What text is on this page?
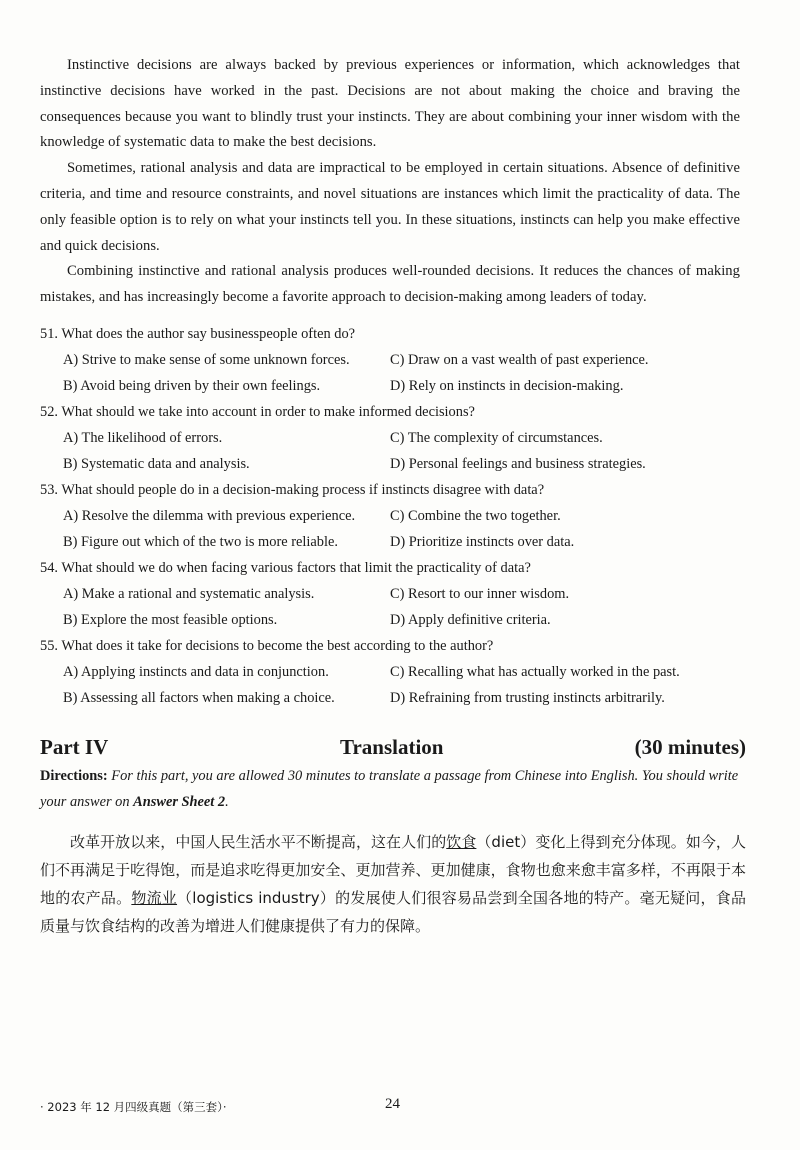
Instinctive decisions are always backed by previous experiences or information, which acknowledges that instinctive decisions have worked in the past. Decisions are not about making the choice and braving the consequences because you want to blindly trust your instincts. They are about combining your inner wisdom with the knowledge of systematic data to make the best decisions.

Sometimes, rational analysis and data are impractical to be employed in certain situations. Absence of definitive criteria, and time and resource constraints, and novel situations are instances which limit the practicality of data. The only feasible option is to rely on what your instincts tell you. In these situations, instincts can help you make effective and quick decisions.

Combining instinctive and rational analysis produces well-rounded decisions. It reduces the chances of making mistakes, and has increasingly become a favorite approach to decision-making among leaders of today.

51. What does the author say businesspeople often do?
A) Strive to make sense of some unknown forces.	C) Draw on a vast wealth of past experience.
B) Avoid being driven by their own feelings.	D) Rely on instincts in decision-making.
52. What should we take into account in order to make informed decisions?
A) The likelihood of errors.	C) The complexity of circumstances.
B) Systematic data and analysis.	D) Personal feelings and business strategies.
53. What should people do in a decision-making process if instincts disagree with data?
A) Resolve the dilemma with previous experience.	C) Combine the two together.
B) Figure out which of the two is more reliable.	D) Prioritize instincts over data.
54. What should we do when facing various factors that limit the practicality of data?
A) Make a rational and systematic analysis.	C) Resort to our inner wisdom.
B) Explore the most feasible options.	D) Apply definitive criteria.
55. What does it take for decisions to become the best according to the author?
A) Applying instincts and data in conjunction.	C) Recalling what has actually worked in the past.
B) Assessing all factors when making a choice.	D) Refraining from trusting instincts arbitrarily.
Part IV	Translation	(30 minutes)
Directions: For this part, you are allowed 30 minutes to translate a passage from Chinese into English. You should write your answer on Answer Sheet 2.

改革开放以来，中国人民生活水平不断提高，这在人们的饮食（diet）变化上得到充分体现。如今，人们不再满足于吃得饱，而是追求吃得更加安全、更加营养、更加健康，食物也愈来愈丰富多样，不再限于本地的农产品。物流业（logistics industry）的发展使人们很容易品尝到全国各地的特产。毫无疑问，食品质量与饮食结构的改善为增进人们健康提供了有力的保障。

· 2023 年 12 月四级真题（第三套）·	24
